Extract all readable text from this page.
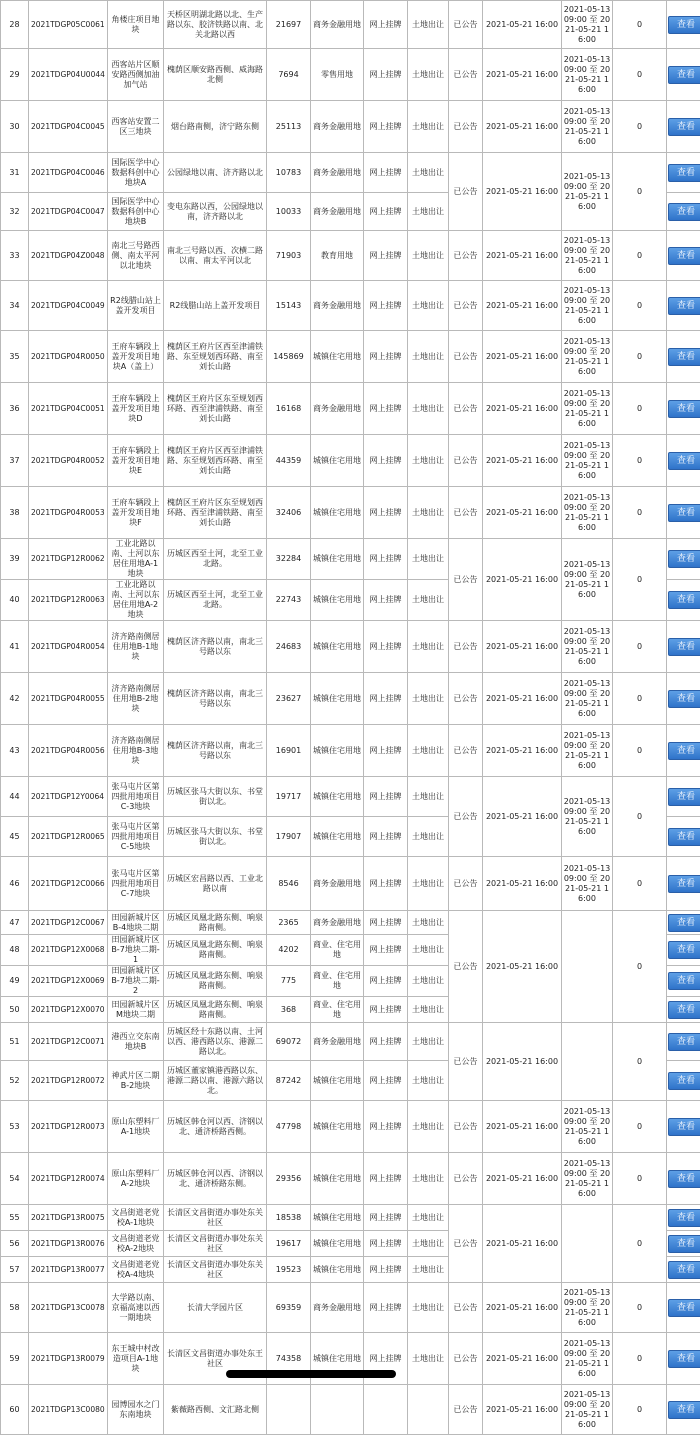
28	2021TDGP05C0061	角楼庄项目地块	天桥区明湖北路以北、生产路以东、胶济铁路以南、北关北路以西	21697	商务金融用地	网上挂牌	土地出让	已公告	2021-05-21 16:00	2021-05-13 09:00 至 2021-05-21 16:00	0	查看
29	2021TDGP04U0044	西客站片区顺安路西侧加油加气站	槐荫区顺安路西侧、威海路北侧	7694	零售用地	网上挂牌	土地出让	已公告	2021-05-21 16:00	2021-05-13 09:00 至 2021-05-21 16:00	0	查看
30	2021TDGP04C0045	西客站安置二区三地块	烟台路南侧，济宁路东侧	25113	商务金融用地	网上挂牌	土地出让	已公告	2021-05-21 16:00	2021-05-13 09:00 至 2021-05-21 16:00	0	查看
31	2021TDGP04C0046	国际医学中心数据科创中心地块A	公园绿地以南、济齐路以北	10783	商务金融用地	网上挂牌	土地出让	已公告	2021-05-21 16:00	2021-05-13 09:00 至 2021-05-21 16:00	0	查看
32	2021TDGP04C0047	国际医学中心数据科创中心地块B	变电东路以西，公园绿地以南，济齐路以北	10033	商务金融用地	网上挂牌	土地出让					查看
33	2021TDGP04Z0048	南北三号路西侧、南太平河以北地块	南北三号路以西、次横二路以南、南太平河以北	71903	教育用地	网上挂牌	土地出让	已公告	2021-05-21 16:00	2021-05-13 09:00 至 2021-05-21 16:00	0	查看
34	2021TDGP04C0049	R2线腊山站上盖开发项目	R2线腊山站上盖开发项目	15143	商务金融用地	网上挂牌	土地出让	已公告	2021-05-21 16:00	2021-05-13 09:00 至 2021-05-21 16:00	0	查看
35	2021TDGP04R0050	王府车辆段上盖开发项目地块A（盖上）	槐荫区王府片区西至津浦铁路、东至规划西环路、南至刘长山路	145869	城镇住宅用地	网上挂牌	土地出让	已公告	2021-05-21 16:00	2021-05-13 09:00 至 2021-05-21 16:00	0	查看
36	2021TDGP04C0051	王府车辆段上盖开发项目地块D	槐荫区王府片区东至规划西环路、西至津浦铁路、南至刘长山路	16168	商务金融用地	网上挂牌	土地出让	已公告	2021-05-21 16:00	2021-05-13 09:00 至 2021-05-21 16:00	0	查看
37	2021TDGP04R0052	王府车辆段上盖开发项目地块E	槐荫区王府片区西至津浦铁路、东至规划西环路、南至刘长山路	44359	城镇住宅用地	网上挂牌	土地出让	已公告	2021-05-21 16:00	2021-05-13 09:00 至 2021-05-21 16:00	0	查看
38	2021TDGP04R0053	王府车辆段上盖开发项目地块F	槐荫区王府片区东至规划西环路、西至津浦铁路、南至刘长山路	32406	城镇住宅用地	网上挂牌	土地出让	已公告	2021-05-21 16:00	2021-05-13 09:00 至 2021-05-21 16:00	0	查看
39	2021TDGP12R0062	工业北路以南、土河以东居住用地A-1地块	历城区西至土河，北至工业北路。	32284	城镇住宅用地	网上挂牌	土地出让	已公告	2021-05-21 16:00	2021-05-13 09:00 至 2021-05-21 16:00	0	查看
40	2021TDGP12R0063	工业北路以南、土河以东居住用地A-2地块	历城区西至土河，北至工业北路。	22743	城镇住宅用地	网上挂牌	土地出让					查看
41	2021TDGP04R0054	济齐路南侧居住用地B-1地块	槐荫区济齐路以南，南北三号路以东	24683	城镇住宅用地	网上挂牌	土地出让	已公告	2021-05-21 16:00	2021-05-13 09:00 至 2021-05-21 16:00	0	查看
42	2021TDGP04R0055	济齐路南侧居住用地B-2地块	槐荫区济齐路以南，南北三号路以东	23627	城镇住宅用地	网上挂牌	土地出让	已公告	2021-05-21 16:00	2021-05-13 09:00 至 2021-05-21 16:00	0	查看
43	2021TDGP04R0056	济齐路南侧居住用地B-3地块	槐荫区济齐路以南，南北三号路以东	16901	城镇住宅用地	网上挂牌	土地出让	已公告	2021-05-21 16:00	2021-05-13 09:00 至 2021-05-21 16:00	0	查看
44	2021TDGP12Y0064	张马屯片区第四批用地项目C-3地块	历城区张马大街以东、书堂街以北。	19717	城镇住宅用地	网上挂牌	土地出让	已公告	2021-05-21 16:00	2021-05-13 09:00 至 2021-05-21 16:00	0	查看
45	2021TDGP12R0065	张马屯片区第四批用地项目C-5地块	历城区张马大街以东、书堂街以北。	17907	城镇住宅用地	网上挂牌	土地出让					查看
46	2021TDGP12C0066	张马屯片区第四批用地项目C-7地块	历城区宏昌路以西、工业北路以南	8546	商务金融用地	网上挂牌	土地出让	已公告	2021-05-21 16:00	2021-05-13 09:00 至 2021-05-21 16:00	0	查看
47	2021TDGP12C0067	田园新城片区B-4地块二期	历城区凤凰北路东侧、响泉路南侧。	2365	商务金融用地	网上挂牌	土地出让	已公告	2021-05-21 16:00		0	查看
48	2021TDGP12X0068	田园新城片区B-7地块二期-1	历城区凤凰北路东侧、响泉路南侧。	4202	商业、住宅用地	网上挂牌	土地出让					查看
49	2021TDGP12X0069	田园新城片区B-7地块二期-2	历城区凤凰北路东侧、响泉路南侧。	775	商业、住宅用地	网上挂牌	土地出让					查看
50	2021TDGP12X0070	田园新城片区M地块二期	历城区凤凰北路东侧、响泉路南侧。	368	商业、住宅用地	网上挂牌	土地出让					查看
51	2021TDGP12C0071	港西立交东南地块B	历城区经十东路以南、土河以西、港西路以东、港源二路以北。	69072	商务金融用地	网上挂牌	土地出让	已公告	2021-05-21 16:00		0	查看
52	2021TDGP12R0072	神武片区二期B-2地块	历城区董家镇港西路以东、港源二路以南、港源六路以北。	87242	城镇住宅用地	网上挂牌	土地出让					查看
53	2021TDGP12R0073	原山东塑料厂A-1地块	历城区韩仓河以西、济钢以北、通济桥路西侧。	47798	城镇住宅用地	网上挂牌	土地出让	已公告	2021-05-21 16:00	2021-05-13 09:00 至 2021-05-21 16:00	0	查看
54	2021TDGP12R0074	原山东塑料厂A-2地块	历城区韩仓河以西、济钢以北、通济桥路东侧。	29356	城镇住宅用地	网上挂牌	土地出让	已公告	2021-05-21 16:00	2021-05-13 09:00 至 2021-05-21 16:00	0	查看
55	2021TDGP13R0075	文昌街道老党校A-1地块	长清区文昌街道办事处东关社区	18538	城镇住宅用地	网上挂牌	土地出让	已公告	2021-05-21 16:00		0	查看
56	2021TDGP13R0076	文昌街道老党校A-2地块	长清区文昌街道办事处东关社区	19617	城镇住宅用地	网上挂牌	土地出让					查看
57	2021TDGP13R0077	文昌街道老党校A-4地块	长清区文昌街道办事处东关社区	19523	城镇住宅用地	网上挂牌	土地出让					查看
58	2021TDGP13C0078	大学路以南、京福高速以西一期地块	长清大学园片区	69359	商务金融用地	网上挂牌	土地出让	已公告	2021-05-21 16:00	2021-05-13 09:00 至 2021-05-21 16:00	0	查看
59	2021TDGP13R0079	东王城中村改造项目A-1地块	长清区文昌街道办事处东王社区	74358	城镇住宅用地	网上挂牌	土地出让	已公告	2021-05-21 16:00	2021-05-13 09:00 至 2021-05-21 16:00	0	查看
60	2021TDGP13C0080	园博园水之门东南地块	紫薇路西侧、文汇路北侧					已公告	2021-05-21 16:00	2021-05-13 09:00 至 2021-05-21 16:00	0	查看
